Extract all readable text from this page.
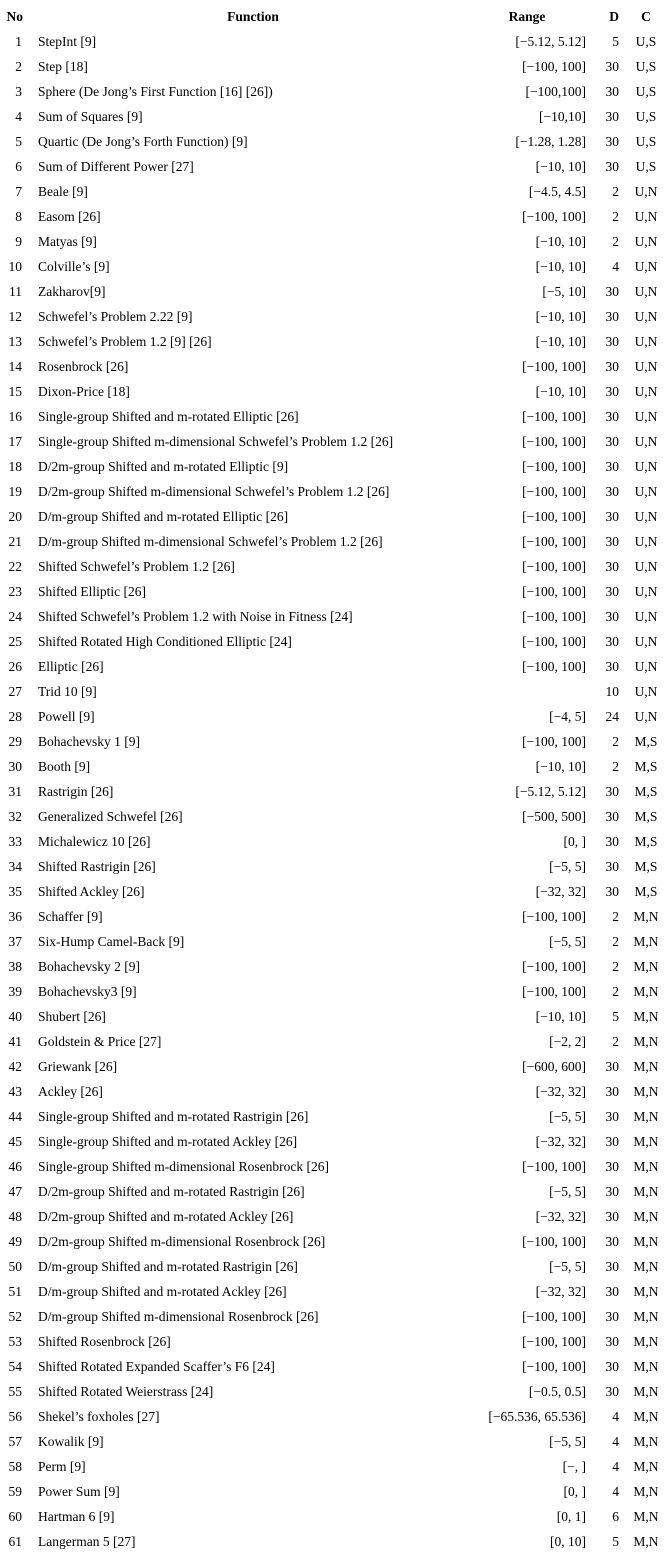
No	Function	Range	D	C
1	StepInt [9]	[−5.12, 5.12]	5	U,S
2	Step [18]	[−100, 100]	30	U,S
3	Sphere (De Jong’s First Function [16] [26])	[−100,100]	30	U,S
4	Sum of Squares [9]	[−10,10]	30	U,S
5	Quartic (De Jong’s Forth Function) [9]	[−1.28, 1.28]	30	U,S
6	Sum of Different Power [27]	[−10, 10]	30	U,S
7	Beale [9]	[−4.5, 4.5]	2	U,N
8	Easom [26]	[−100, 100]	2	U,N
9	Matyas [9]	[−10, 10]	2	U,N
10	Colville’s [9]	[−10, 10]	4	U,N
11	Zakharov[9]	[−5, 10]	30	U,N
12	Schwefel’s Problem 2.22 [9]	[−10, 10]	30	U,N
13	Schwefel’s Problem 1.2 [9] [26]	[−10, 10]	30	U,N
14	Rosenbrock [26]	[−100, 100]	30	U,N
15	Dixon-Price [18]	[−10, 10]	30	U,N
16	Single-group Shifted and m-rotated Elliptic [26]	[−100, 100]	30	U,N
17	Single-group Shifted m-dimensional Schwefel’s Problem 1.2 [26]	[−100, 100]	30	U,N
18	D/2m-group Shifted and m-rotated Elliptic [9]	[−100, 100]	30	U,N
19	D/2m-group Shifted m-dimensional Schwefel’s Problem 1.2 [26]	[−100, 100]	30	U,N
20	D/m-group Shifted and m-rotated Elliptic [26]	[−100, 100]	30	U,N
21	D/m-group Shifted m-dimensional Schwefel’s Problem 1.2 [26]	[−100, 100]	30	U,N
22	Shifted Schwefel’s Problem 1.2 [26]	[−100, 100]	30	U,N
23	Shifted Elliptic [26]	[−100, 100]	30	U,N
24	Shifted Schwefel’s Problem 1.2 with Noise in Fitness [24]	[−100, 100]	30	U,N
25	Shifted Rotated High Conditioned Elliptic [24]	[−100, 100]	30	U,N
26	Elliptic [26]	[−100, 100]	30	U,N
27	Trid 10 [9]		10	U,N
28	Powell [9]	[−4, 5]	24	U,N
29	Bohachevsky 1 [9]	[−100, 100]	2	M,S
30	Booth [9]	[−10, 10]	2	M,S
31	Rastrigin [26]	[−5.12, 5.12]	30	M,S
32	Generalized Schwefel [26]	[−500, 500]	30	M,S
33	Michalewicz 10 [26]	[0, ]	30	M,S
34	Shifted Rastrigin [26]	[−5, 5]	30	M,S
35	Shifted Ackley [26]	[−32, 32]	30	M,S
36	Schaffer [9]	[−100, 100]	2	M,N
37	Six-Hump Camel-Back [9]	[−5, 5]	2	M,N
38	Bohachevsky 2 [9]	[−100, 100]	2	M,N
39	Bohachevsky3 [9]	[−100, 100]	2	M,N
40	Shubert [26]	[−10, 10]	5	M,N
41	Goldstein & Price [27]	[−2, 2]	2	M,N
42	Griewank [26]	[−600, 600]	30	M,N
43	Ackley [26]	[−32, 32]	30	M,N
44	Single-group Shifted and m-rotated Rastrigin [26]	[−5, 5]	30	M,N
45	Single-group Shifted and m-rotated Ackley [26]	[−32, 32]	30	M,N
46	Single-group Shifted m-dimensional Rosenbrock [26]	[−100, 100]	30	M,N
47	D/2m-group Shifted and m-rotated Rastrigin [26]	[−5, 5]	30	M,N
48	D/2m-group Shifted and m-rotated Ackley [26]	[−32, 32]	30	M,N
49	D/2m-group Shifted m-dimensional Rosenbrock [26]	[−100, 100]	30	M,N
50	D/m-group Shifted and m-rotated Rastrigin [26]	[−5, 5]	30	M,N
51	D/m-group Shifted and m-rotated Ackley [26]	[−32, 32]	30	M,N
52	D/m-group Shifted m-dimensional Rosenbrock [26]	[−100, 100]	30	M,N
53	Shifted Rosenbrock [26]	[−100, 100]	30	M,N
54	Shifted Rotated Expanded Scaffer’s F6 [24]	[−100, 100]	30	M,N
55	Shifted Rotated Weierstrass [24]	[−0.5, 0.5]	30	M,N
56	Shekel’s foxholes [27]	[−65.536, 65.536]	4	M,N
57	Kowalik [9]	[−5, 5]	4	M,N
58	Perm [9]	[−, ]	4	M,N
59	Power Sum [9]	[0, ]	4	M,N
60	Hartman 6 [9]	[0, 1]	6	M,N
61	Langerman 5 [27]	[0, 10]	5	M,N
